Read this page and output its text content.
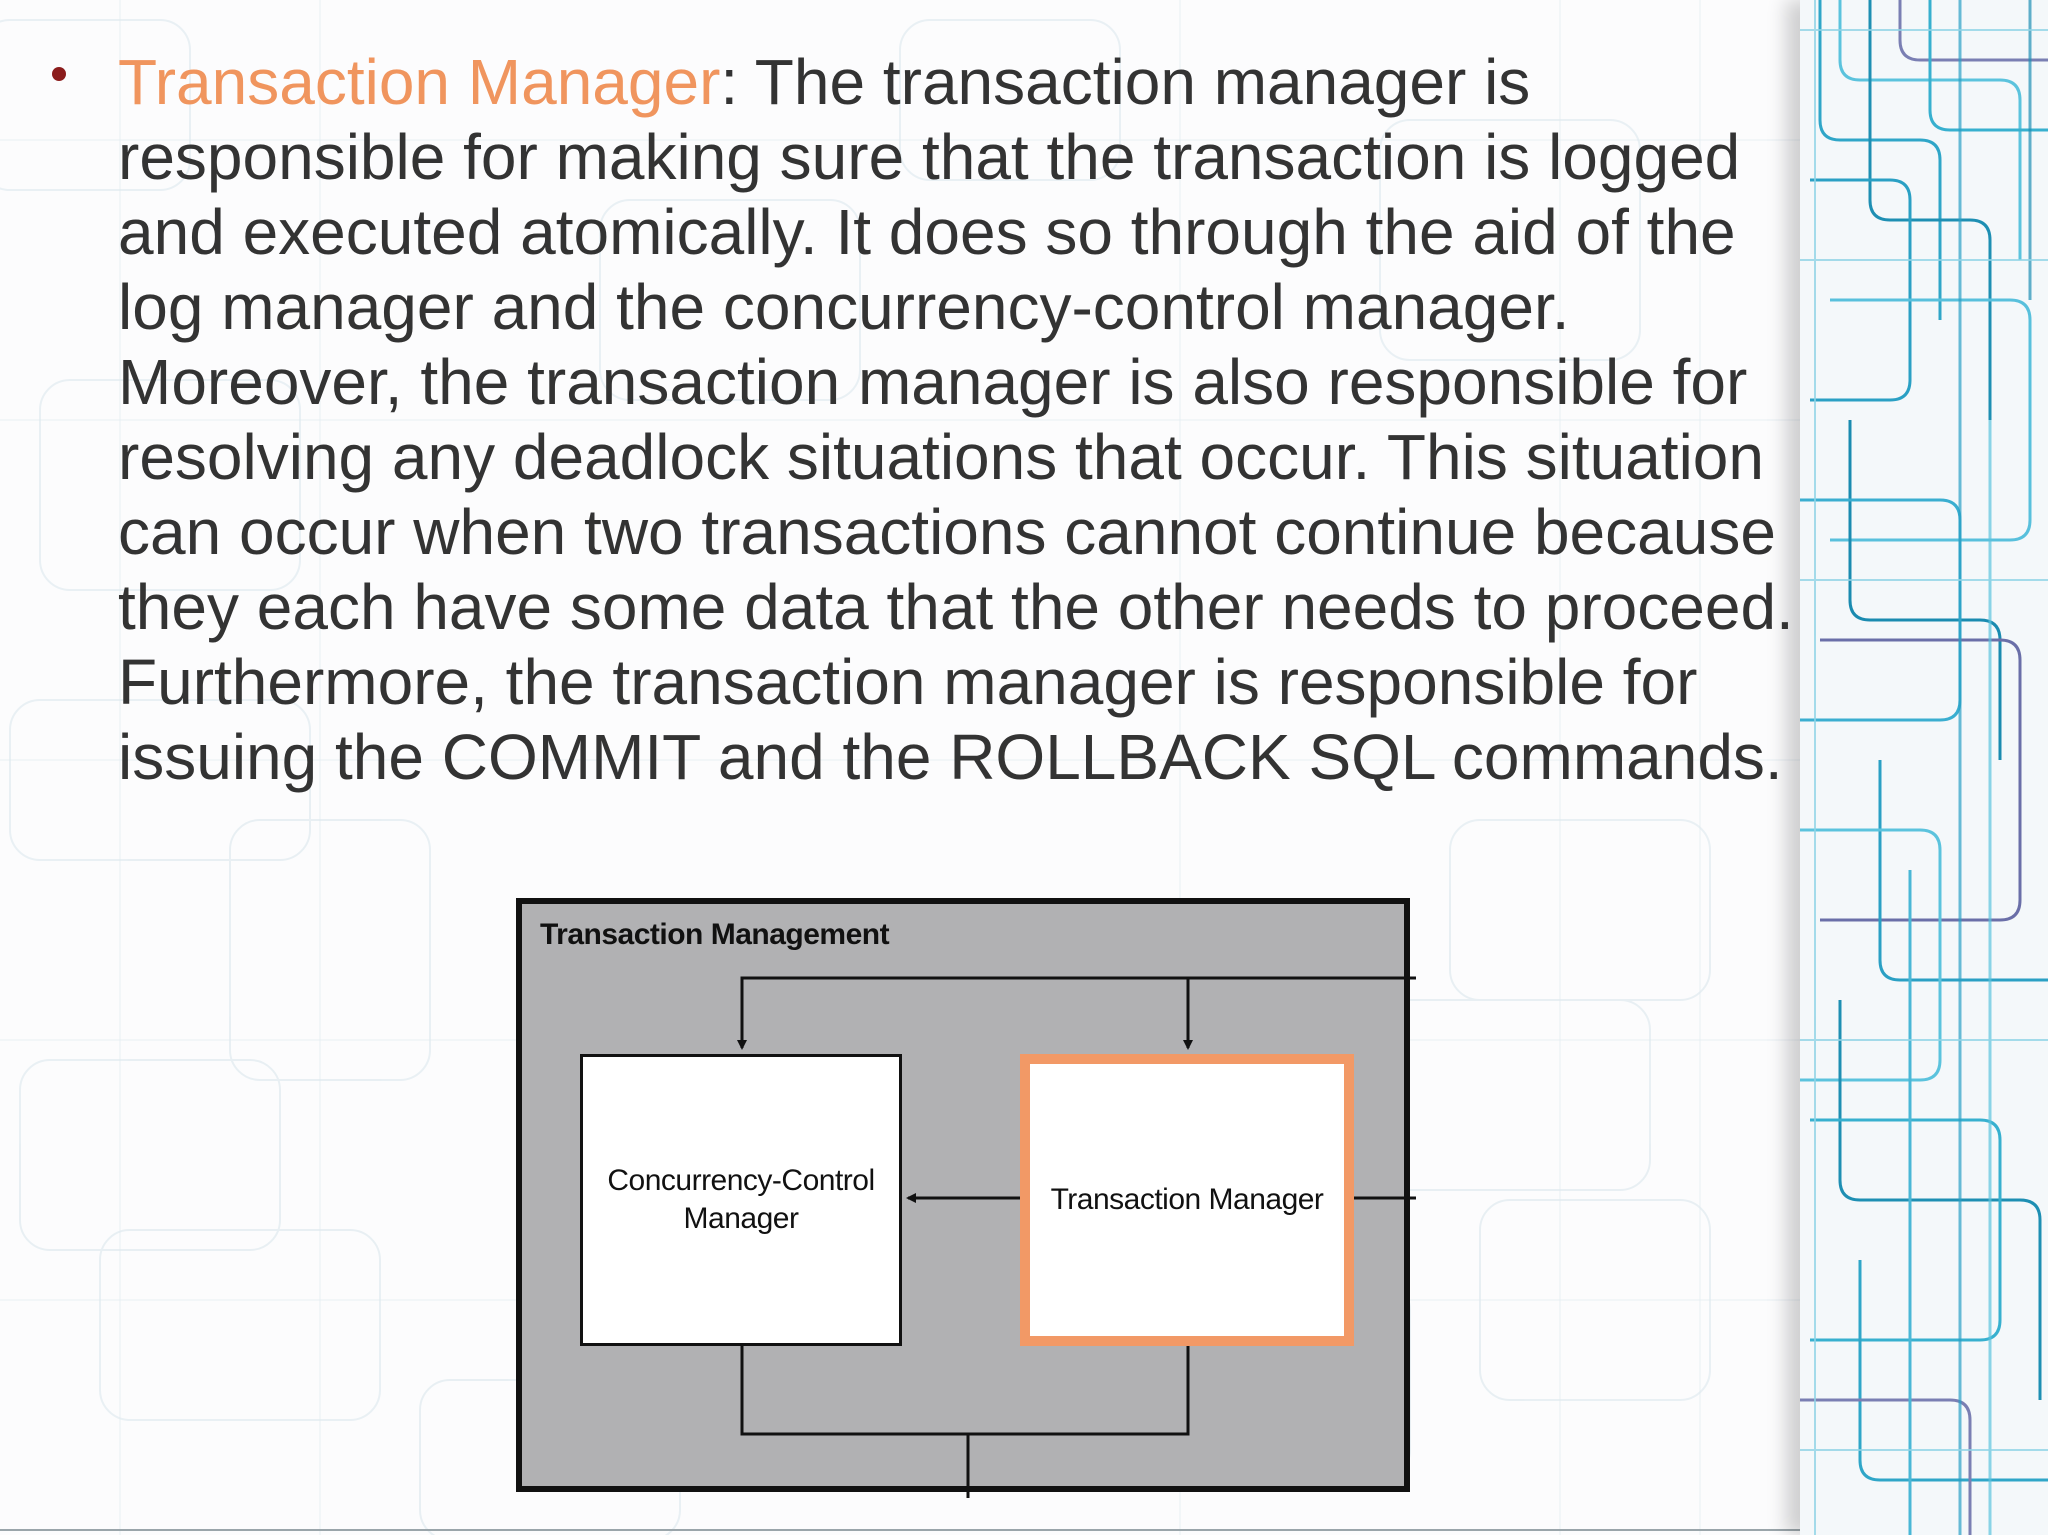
Transaction Manager: The transaction manager is responsible for making sure that the transaction is logged and executed atomically. It does so through the aid of the log manager and the concurrency-control manager. Moreover, the transaction manager is also responsible for resolving any deadlock situations that occur. This situation can occur when two transactions cannot continue because they each have some data that the other needs to proceed. Furthermore, the transaction manager is responsible for issuing the COMMIT and the ROLLBACK SQL commands.
Transaction Management
Concurrency-Control
Manager
Transaction Manager
